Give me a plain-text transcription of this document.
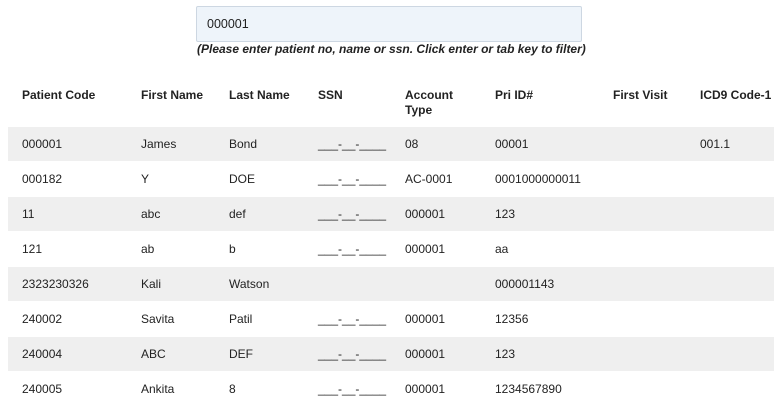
000001
(Please enter patient no, name or ssn. Click enter or tab key to filter)
Patient Code	First Name	Last Name	SSN	Account Type	Pri ID#	First Visit	ICD9 Code-1
000001	James	Bond	___-__-____	08	00001		001.1
000182	Y	DOE	___-__-____	AC-0001	0001000000011		
11	abc	def	___-__-____	000001	123		
121	ab	b	___-__-____	000001	aa		
2323230326	Kali	Watson			000001143		
240002	Savita	Patil	___-__-____	000001	12356		
240004	ABC	DEF	___-__-____	000001	123		
240005	Ankita	8	___-__-____	000001	1234567890		
